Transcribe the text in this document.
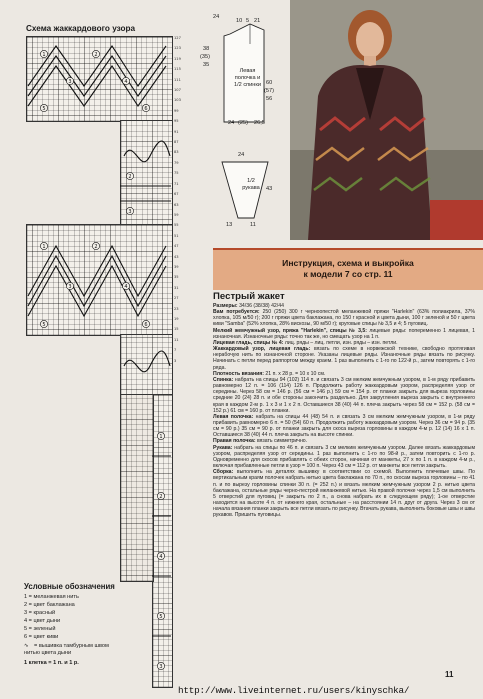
Схема жаккардового узора
1	2
3	4
5	6
2
3
1	2
3	4
5	6
1
2
4
5
3
127

123

119

115

111

107

103

99

95

91

87

83

79

75

71

67

63

59

55

51

47

43

39

35

31

27

23

19

15

11

7

3
Условные обозначения
1 = меланжевая нить
2 = цвет баклажана
3 = красный
4 = цвет дыни
5 = зеленый
6 = цвет киви
∿ = вышивка тамбурным швом нитью цвета дыни
1 клетка = 1 п. и 1 р.
Левая полочка и 1/2 спинки
24
10 5 21
38
(35)
35
60
(57)
56
24 (25) 26,5
1/2 рукава
24
43
13	11
Инструкция, схема и выкройка
к модели 7 со стр. 11
Пестрый жакет

Размеры: 34/36 (38/38) 42/44

Вам потребуется: 250 (250) 300 г черноопестой меланжевой пряжи "Harlekin" (63% полиакрила, 37% хлопка, 105 м/50 г); 200 г пряжи цвета баклажана, по 150 г красной и цвета дыни, 100 г зеленой и 50 г цвета киви "Samba" (52% хлопка, 28% вискозы, 90 м/50 г); круговые спицы № 3,5 и 4; 5 пуговиц.

Мелкий жемчужный узор, пряжа "Harlekin", спицы № 3,5: лицевые ряды: попеременно 1 лицевая, 1 изнаночная. Изнаночные ряды: точно так же, но смещать узор на 1 п.

Лицевая гладь, спицы № 4: лиц. ряды – лиц. петли, изн. ряды – изн. петли.

Жаккардовый узор, лицевая гладь: вязать по схеме в норвежской технике, свободно протягивая нерабочую нить по изнаночной стороне. Указаны лицевые ряды. Изнаночные ряды вязать по рисунку. Начинать с петли перед раппортом между краем. 1 раз выполнить с 1-го по 122-й р., затем повторять с 1-го ряда.

Плотность вязания: 21 п. x 28 р. = 10 x 10 см.

Спинка: набрать на спицы 94 (102) 114 п. и связать 3 см мелким жемчужным узором, в 1-м ряду прибавить равномерно 12 п. = 106 (114) 126 п. Продолжить работу жаккардовым узором, распределяя узор от середины. Через 58 см = 146 р. (56 см = 146 р.) 59 см = 154 р. от планки закрыть для выреза горловины средние 20 (24) 28 п. и обе стороны закончить раздельно. Для закругления выреза закрыть с внутреннего края в каждом 2-м р. 1 x 3 и 1 x 2 п. Оставшиеся 38 (40) 44 п. плеча закрыть через 58 см = 152 р. (58 см = 152 р.) 61 см = 160 р. от планки.

Левая полочка: набрать на спицы 44 (48) 54 п. и связать 3 см мелким жемчужным узором, в 1-м ряду прибавить равномерно 6 п. = 50 (54) 60 п. Продолжить работу жаккардовым узором. Через 36 см = 94 р. (35 см = 90 р.) 35 см = 90 р. от планки закрыть для скоса выреза горловины в каждом 4-м р. 12 (14) 16 x 1 п. Оставшиеся 38 (40) 44 п. плеча закрыть на высоте спинки.

Правая полочка: вязать симметрично.

Рукава: набрать на спицы по 46 п. и связать 3 см мелким жемчужным узором. Далее вязать жаккардовым узором, распределяя узор от середины. 1 раз выполнить с 1-го по 98-й р., затем повторить с 1-го р. Одновременно для скосов прибавлять с обеих сторон, начиная от манжеты, 27 x по 1 п. в каждом 4-м р., включая прибавленные петли в узор = 100 п. Через 43 см = 112 р. от манжеты все петли закрыть.

Сборка: выполнить на деталях вышивку в соответствии со схемой. Выполнить плечевые швы. По вертикальным краям полочек набрать нитью цвета баклажана по 70 п., по скосам выреза горловины – по 41 п. и по вырезу горловины спинки 30 п. (= 252 п.) и вязать мелким жемчужным узором 2 р. нитью цвета баклажана, остальные ряды черно-пестрой меланжевой нитью. На правой полочке через 1,5 см выполнить 5 отверстий для пуговиц (= закрыть по 2 п., а снова набрать их в следующем ряду); 1-ое отверстие находится на высоте 4 п. от нижнего края, остальные – на расстоянии 14 п. друг от друга. Через 3 см от начала вязания планки закрыть все петли вязать по рисунку. Втачать рукава, выполнить боковые швы и швы рукавов. Пришить пуговицы.

11
http://www.liveinternet.ru/users/kinyschka/
